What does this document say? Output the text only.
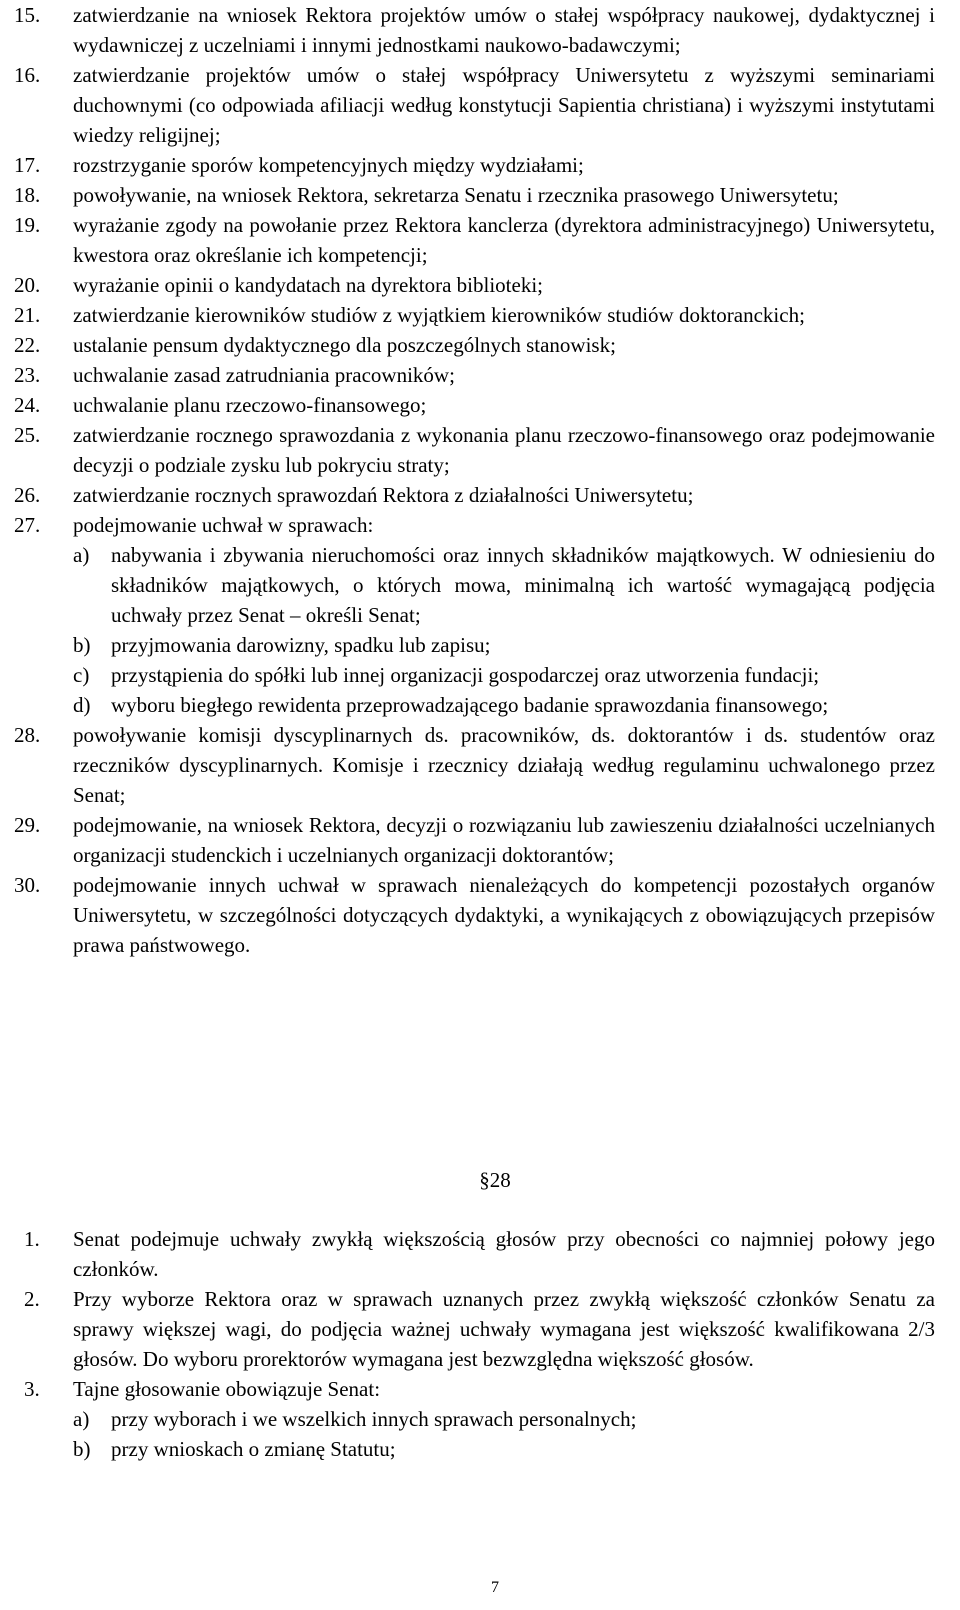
15. zatwierdzanie na wniosek Rektora projektów umów o stałej współpracy naukowej, dydaktycznej i wydawniczej z uczelniami i innymi jednostkami naukowo-badawczymi;
16. zatwierdzanie projektów umów o stałej współpracy Uniwersytetu z wyższymi seminariami duchownymi (co odpowiada afiliacji według konstytucji Sapientia christiana) i wyższymi instytutami wiedzy religijnej;
17. rozstrzyganie sporów kompetencyjnych między wydziałami;
18. powoływanie, na wniosek Rektora, sekretarza Senatu i rzecznika prasowego Uniwersytetu;
19. wyrażanie zgody na powołanie przez Rektora kanclerza (dyrektora administracyjnego) Uniwersytetu, kwestora oraz określanie ich kompetencji;
20. wyrażanie opinii o kandydatach na dyrektora biblioteki;
21. zatwierdzanie kierowników studiów z wyjątkiem kierowników studiów doktoranckich;
22. ustalanie pensum dydaktycznego dla poszczególnych stanowisk;
23. uchwalanie zasad zatrudniania pracowników;
24. uchwalanie planu rzeczowo-finansowego;
25. zatwierdzanie rocznego sprawozdania z wykonania planu rzeczowo-finansowego oraz podejmowanie decyzji o podziale zysku lub pokryciu straty;
26. zatwierdzanie rocznych sprawozdań Rektora z działalności Uniwersytetu;
27. podejmowanie uchwał w sprawach:
a) nabywania i zbywania nieruchomości oraz innych składników majątkowych. W odniesieniu do składników majątkowych, o których mowa, minimalną ich wartość wymagającą podjęcia uchwały przez Senat – określi Senat;
b) przyjmowania darowizny, spadku lub zapisu;
c) przystąpienia do spółki lub innej organizacji gospodarczej oraz utworzenia fundacji;
d) wyboru biegłego rewidenta przeprowadzającego badanie sprawozdania finansowego;
28. powoływanie komisji dyscyplinarnych ds. pracowników, ds. doktorantów i ds. studentów oraz rzeczników dyscyplinarnych. Komisje i rzecznicy działają według regulaminu uchwalonego przez Senat;
29. podejmowanie, na wniosek Rektora, decyzji o rozwiązaniu lub zawieszeniu działalności uczelnianych organizacji studenckich i uczelnianych organizacji doktorantów;
30. podejmowanie innych uchwał w sprawach nienależących do kompetencji pozostałych organów Uniwersytetu, w szczególności dotyczących dydaktyki, a wynikających z obowiązujących przepisów prawa państwowego.
§28
1. Senat podejmuje uchwały zwykłą większością głosów przy obecności co najmniej połowy jego członków.
2. Przy wyborze Rektora oraz w sprawach uznanych przez zwykłą większość członków Senatu za sprawy większej wagi, do podjęcia ważnej uchwały wymagana jest większość kwalifikowana 2/3 głosów. Do wyboru prorektorów wymagana jest bezwzględna większość głosów.
3. Tajne głosowanie obowiązuje Senat:
a) przy wyborach i we wszelkich innych sprawach personalnych;
b) przy wnioskach o zmianę Statutu;
7
